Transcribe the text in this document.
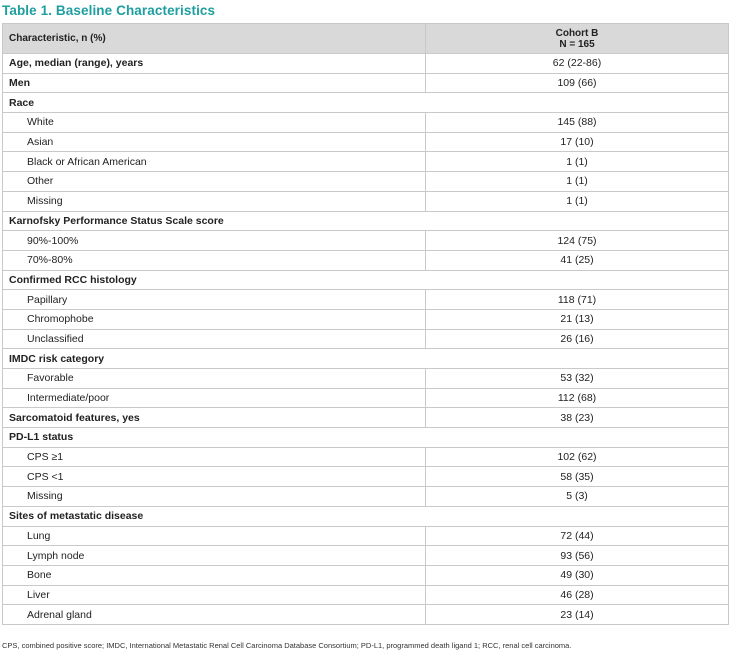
Table 1. Baseline Characteristics
Characteristic, n (%)	Cohort B
N = 165

Age, median (range), years	62 (22-86)
Men	109 (66)
Race	
White	145 (88)
Asian	17 (10)
Black or African American	1 (1)
Other	1 (1)
Missing	1 (1)
Karnofsky Performance Status Scale score	
90%-100%	124 (75)
70%-80%	41 (25)
Confirmed RCC histology	
Papillary	118 (71)
Chromophobe	21 (13)
Unclassified	26 (16)
IMDC risk category	
Favorable	53 (32)
Intermediate/poor	112 (68)
Sarcomatoid features, yes	38 (23)
PD-L1 status	
CPS ≥1	102 (62)
CPS <1	58 (35)
Missing	5 (3)
Sites of metastatic disease	
Lung	72 (44)
Lymph node	93 (56)
Bone	49 (30)
Liver	46 (28)
Adrenal gland	23 (14)
CPS, combined positive score; IMDC, International Metastatic Renal Cell Carcinoma Database Consortium; PD-L1, programmed death ligand 1; RCC, renal cell carcinoma.
